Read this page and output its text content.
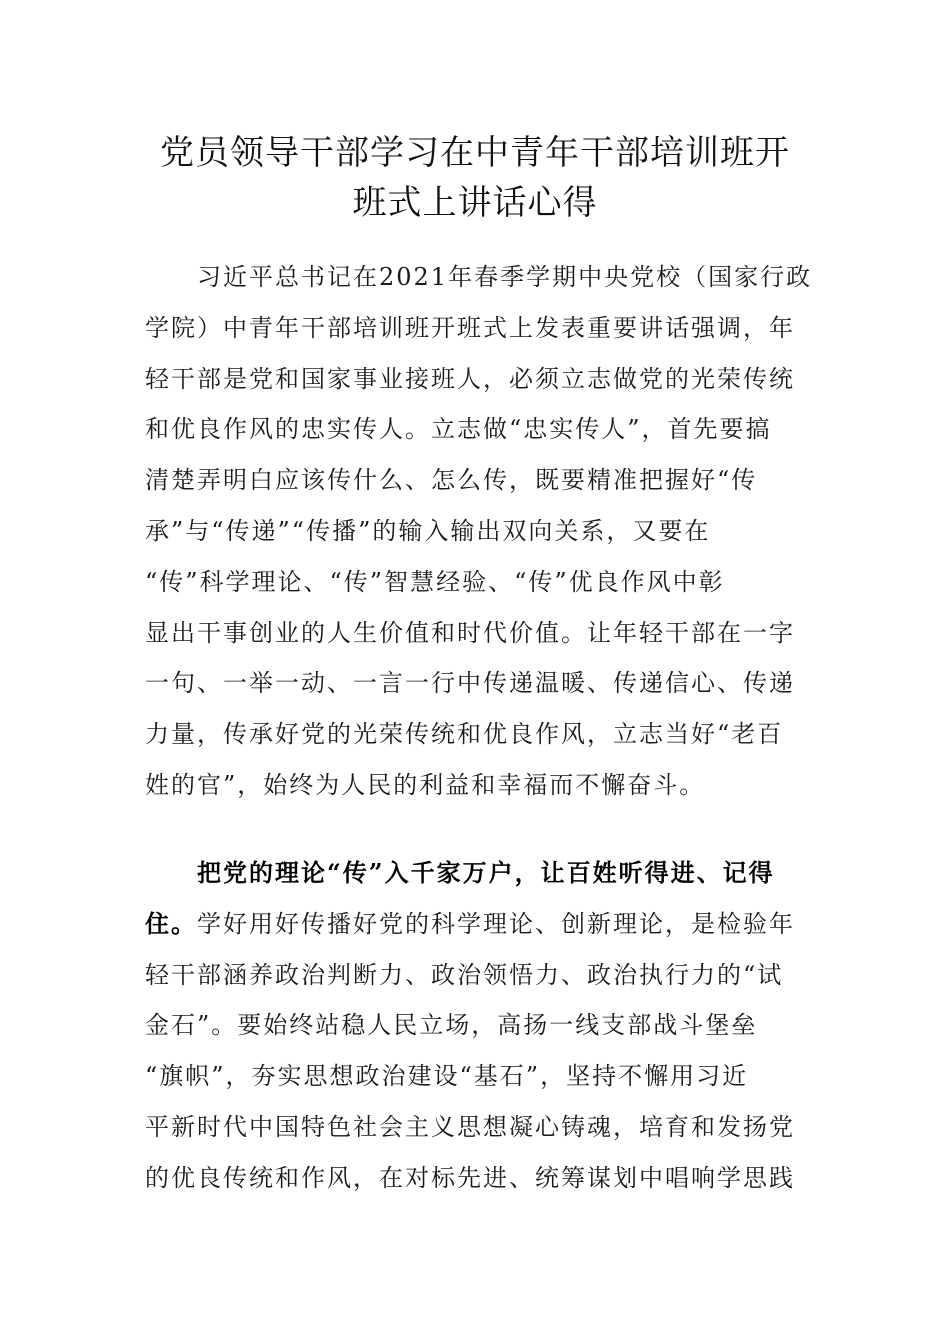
党员领导干部学习在中青年干部培训班开
班式上讲话心得
　　习近平总书记在2021年春季学期中央党校（国家行政
学院）中青年干部培训班开班式上发表重要讲话强调，年
轻干部是党和国家事业接班人，必须立志做党的光荣传统
和优良作风的忠实传人。立志做“忠实传人”，首先要搞
清楚弄明白应该传什么、怎么传，既要精准把握好“传
承”与“传递”“传播”的输入输出双向关系，又要在
“传”科学理论、“传”智慧经验、“传”优良作风中彰
显出干事创业的人生价值和时代价值。让年轻干部在一字
一句、一举一动、一言一行中传递温暖、传递信心、传递
力量，传承好党的光荣传统和优良作风，立志当好“老百
姓的官”，始终为人民的利益和幸福而不懈奋斗。
　　把党的理论“传”入千家万户，让百姓听得进、记得
住。学好用好传播好党的科学理论、创新理论，是检验年
轻干部涵养政治判断力、政治领悟力、政治执行力的“试
金石”。要始终站稳人民立场，高扬一线支部战斗堡垒
“旗帜”，夯实思想政治建设“基石”，坚持不懈用习近
平新时代中国特色社会主义思想凝心铸魂，培育和发扬党
的优良传统和作风，在对标先进、统筹谋划中唱响学思践
